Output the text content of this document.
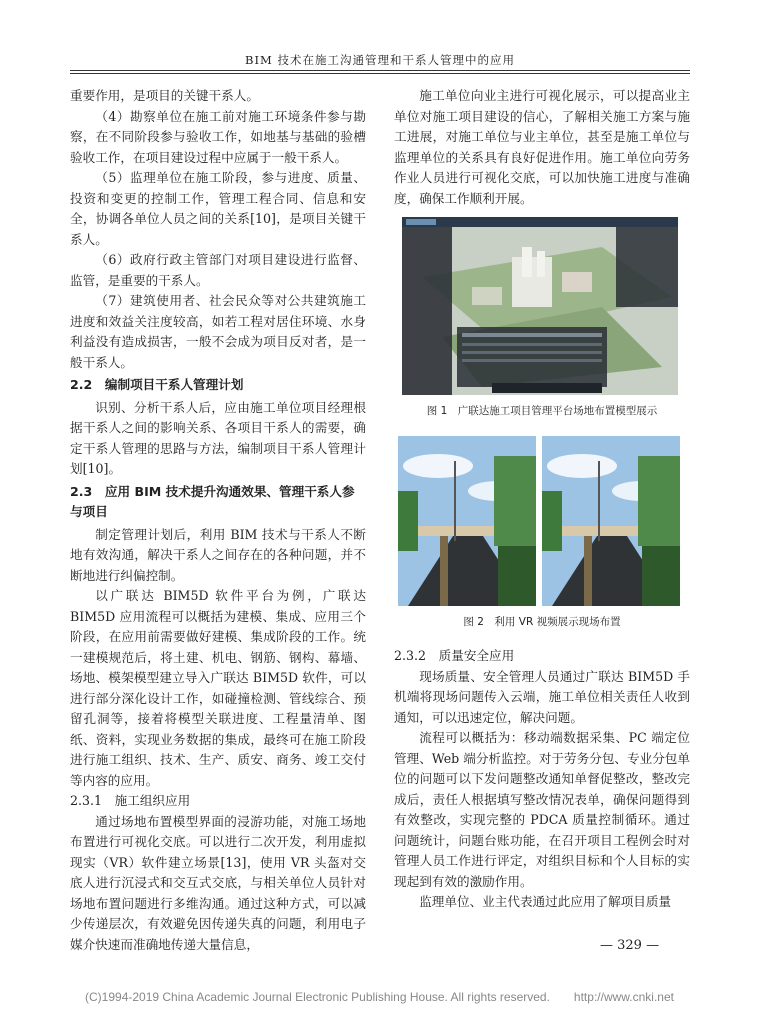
BIM 技术在施工沟通管理和干系人管理中的应用

重要作用，是项目的关键干系人。

（4）勘察单位在施工前对施工环境条件参与勘察，在不同阶段参与验收工作，如地基与基础的验槽验收工作，在项目建设过程中应属于一般干系人。

（5）监理单位在施工阶段，参与进度、质量、投资和变更的控制工作，管理工程合同、信息和安全，协调各单位人员之间的关系[10]，是项目关键干系人。

（6）政府行政主管部门对项目建设进行监督、监管，是重要的干系人。

（7）建筑使用者、社会民众等对公共建筑施工进度和效益关注度较高，如若工程对居住环境、水身利益没有造成损害，一般不会成为项目反对者，是一般干系人。

2.2　编制项目干系人管理计划

识别、分析干系人后，应由施工单位项目经理根据干系人之间的影响关系、各项目干系人的需要，确定干系人管理的思路与方法，编制项目干系人管理计划[10]。

2.3　应用 BIM 技术提升沟通效果、管理干系人参与项目

制定管理计划后，利用 BIM 技术与干系人不断地有效沟通，解决干系人之间存在的各种问题，并不断地进行纠偏控制。

以广联达 BIM5D 软件平台为例，广联达 BIM5D 应用流程可以概括为建模、集成、应用三个阶段，在应用前需要做好建模、集成阶段的工作。统一建模规范后，将土建、机电、钢筋、钢构、幕墙、场地、模架模型建立导入广联达 BIM5D 软件，可以进行部分深化设计工作，如碰撞检测、管线综合、预留孔洞等，接着将模型关联进度、工程量清单、图纸、资料，实现业务数据的集成，最终可在施工阶段进行施工组织、技术、生产、质安、商务、竣工交付等内容的应用。

2.3.1　施工组织应用

通过场地布置模型界面的浸游功能，对施工场地布置进行可视化交底。可以进行二次开发，利用虚拟现实（VR）软件建立场景[13]，使用 VR 头盔对交底人进行沉浸式和交互式交底，与相关单位人员针对场地布置问题进行多维沟通。通过这种方式，可以减少传递层次，有效避免因传递失真的问题，利用电子媒介快速而准确地传递大量信息，

施工单位向业主进行可视化展示，可以提高业主单位对施工项目建设的信心，了解相关施工方案与施工进展，对施工单位与业主单位，甚至是施工单位与监理单位的关系具有良好促进作用。施工单位向劳务作业人员进行可视化交底，可以加快施工进度与准确度，确保工作顺利开展。

图 1　广联达施工项目管理平台场地布置模型展示

图 2　利用 VR 视频展示现场布置

2.3.2　质量安全应用

现场质量、安全管理人员通过广联达 BIM5D 手机端将现场问题传入云端，施工单位相关责任人收到通知，可以迅速定位，解决问题。

流程可以概括为：移动端数据采集、PC 端定位管理、Web 端分析监控。对于劳务分包、专业分包单位的问题可以下发问题整改通知单督促整改，整改完成后，责任人根据填写整改情况表单，确保问题得到有效整改，实现完整的 PDCA 质量控制循环。通过问题统计，问题台账功能，在召开项目工程例会时对管理人员工作进行评定，对组织目标和个人目标的实现起到有效的激励作用。

监理单位、业主代表通过此应用了解项目质量

— 329 —
(C)1994-2019 China Academic Journal Electronic Publishing House. All rights reserved.　　http://www.cnki.net
